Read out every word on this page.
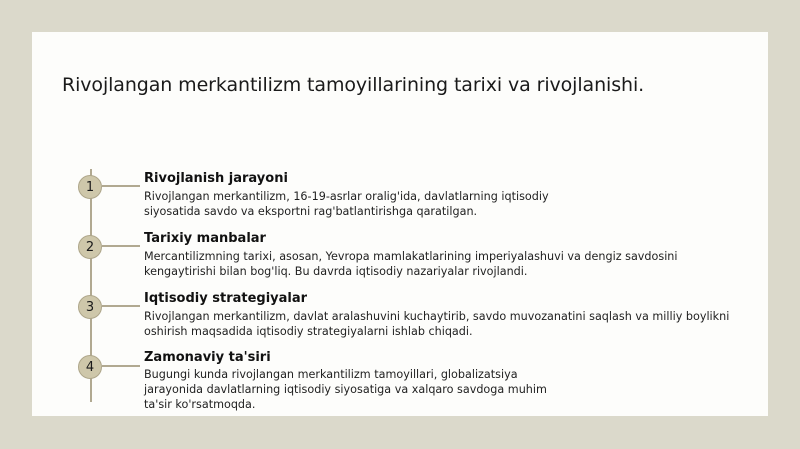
Rivojlangan merkantilizm tamoyillarining tarixi va rivojlanishi.
1
Rivojlanish jarayoni

Rivojlangan merkantilizm, 16-19-asrlar oralig'ida, davlatlarning iqtisodiy
siyosatida savdo va eksportni rag'batlantirishga qaratilgan.

2
Tarixiy manbalar

Mercantilizmning tarixi, asosan, Yevropa mamlakatlarining imperiyalashuvi va dengiz savdosini
kengaytirishi bilan bog'liq. Bu davrda iqtisodiy nazariyalar rivojlandi.

3
Iqtisodiy strategiyalar

Rivojlangan merkantilizm, davlat aralashuvini kuchaytirib, savdo muvozanatini saqlash va milliy boylikni
oshirish maqsadida iqtisodiy strategiyalarni ishlab chiqadi.

4
Zamonaviy ta'siri

Bugungi kunda rivojlangan merkantilizm tamoyillari, globalizatsiya
jarayonida davlatlarning iqtisodiy siyosatiga va xalqaro savdoga muhim
ta'sir ko'rsatmoqda.
